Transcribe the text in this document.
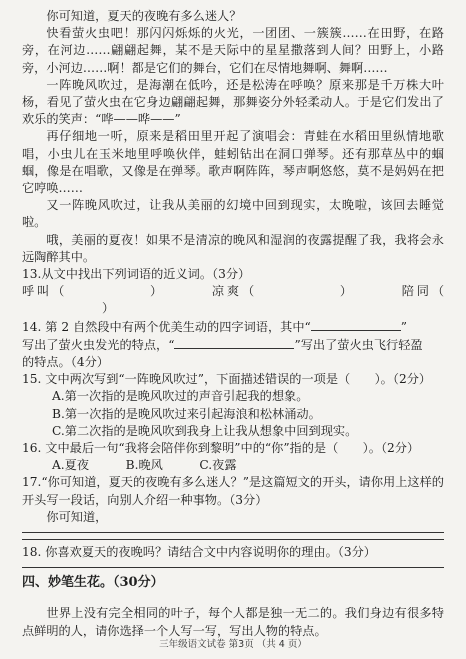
你可知道，夏天的夜晚有多么迷人？

快看萤火虫吧！那闪闪烁烁的火光，一团团、一簇簇……在田野，在路旁，在河边……翩翩起舞，某不是天际中的星星撒落到人间？田野上，小路旁，小河边……啊！都是它们的舞台，它们在尽情地舞啊、舞啊……

一阵晚风吹过，是海潮在低吟，还是松涛在呼唤？原来那是千万株大叶杨，看见了萤火虫在它身边翩翩起舞，那舞姿分外轻柔动人。于是它们发出了欢乐的笑声：“哗——哗——”

再仔细地一听，原来是稻田里开起了演唱会：青蛙在水稻田里纵情地歌唱，小虫儿在玉米地里呼唤伙伴，蛙蚓钻出在洞口弹琴。还有那草丛中的蝈蝈，像是在唱歌，又像是在弹琴。歌声啊阵阵，琴声啊悠悠，莫不是妈妈在把它哼唤……

又一阵晚风吹过，让我从美丽的幻境中回到现实，太晚啦，该回去睡觉啦。

哦，美丽的夏夜！如果不是清凉的晚风和湿润的夜露提醒了我，我将会永远陶醉其中。

13.从文中找出下列词语的近义词。（3分）

呼叫（	）	凉爽（	）	陪同（）

14. 第 2 自然段中有两个优美生动的四字词语，其中“	”
写出了萤火虫发光的特点，“	”写出了萤火虫飞行轻盈
的特点。（4分）

15. 文中两次写到“一阵晚风吹过”，下面描述错误的一项是（　　）。（2分）

A.第一次指的是晚风吹过的声音引起我的想象。

B.第一次指的是晚风吹过来引起海浪和松林涌动。

C.第二次指的是晚风吹到我身上让我从想象中回到现实。

16. 文中最后一句“我将会陪伴你到黎明”中的“你”指的是（　　）。（2分）

A.夏夜　　　B.晚风　　　C.夜露

17.“你可知道，夏天的夜晚有多么迷人？”是这篇短文的开头，请你用上这样的开头写一段话，向别人介绍一种事物。（3分）

你可知道，

18. 你喜欢夏天的夜晚吗？请结合文中内容说明你的理由。（3分）

四、妙笔生花。（30分）

世界上没有完全相同的叶子，每个人都是独一无二的。我们身边有很多特点鲜明的人，请你选择一个人写一写，写出人物的特点。

三年级语文试卷 第3页 （共 4 页）
